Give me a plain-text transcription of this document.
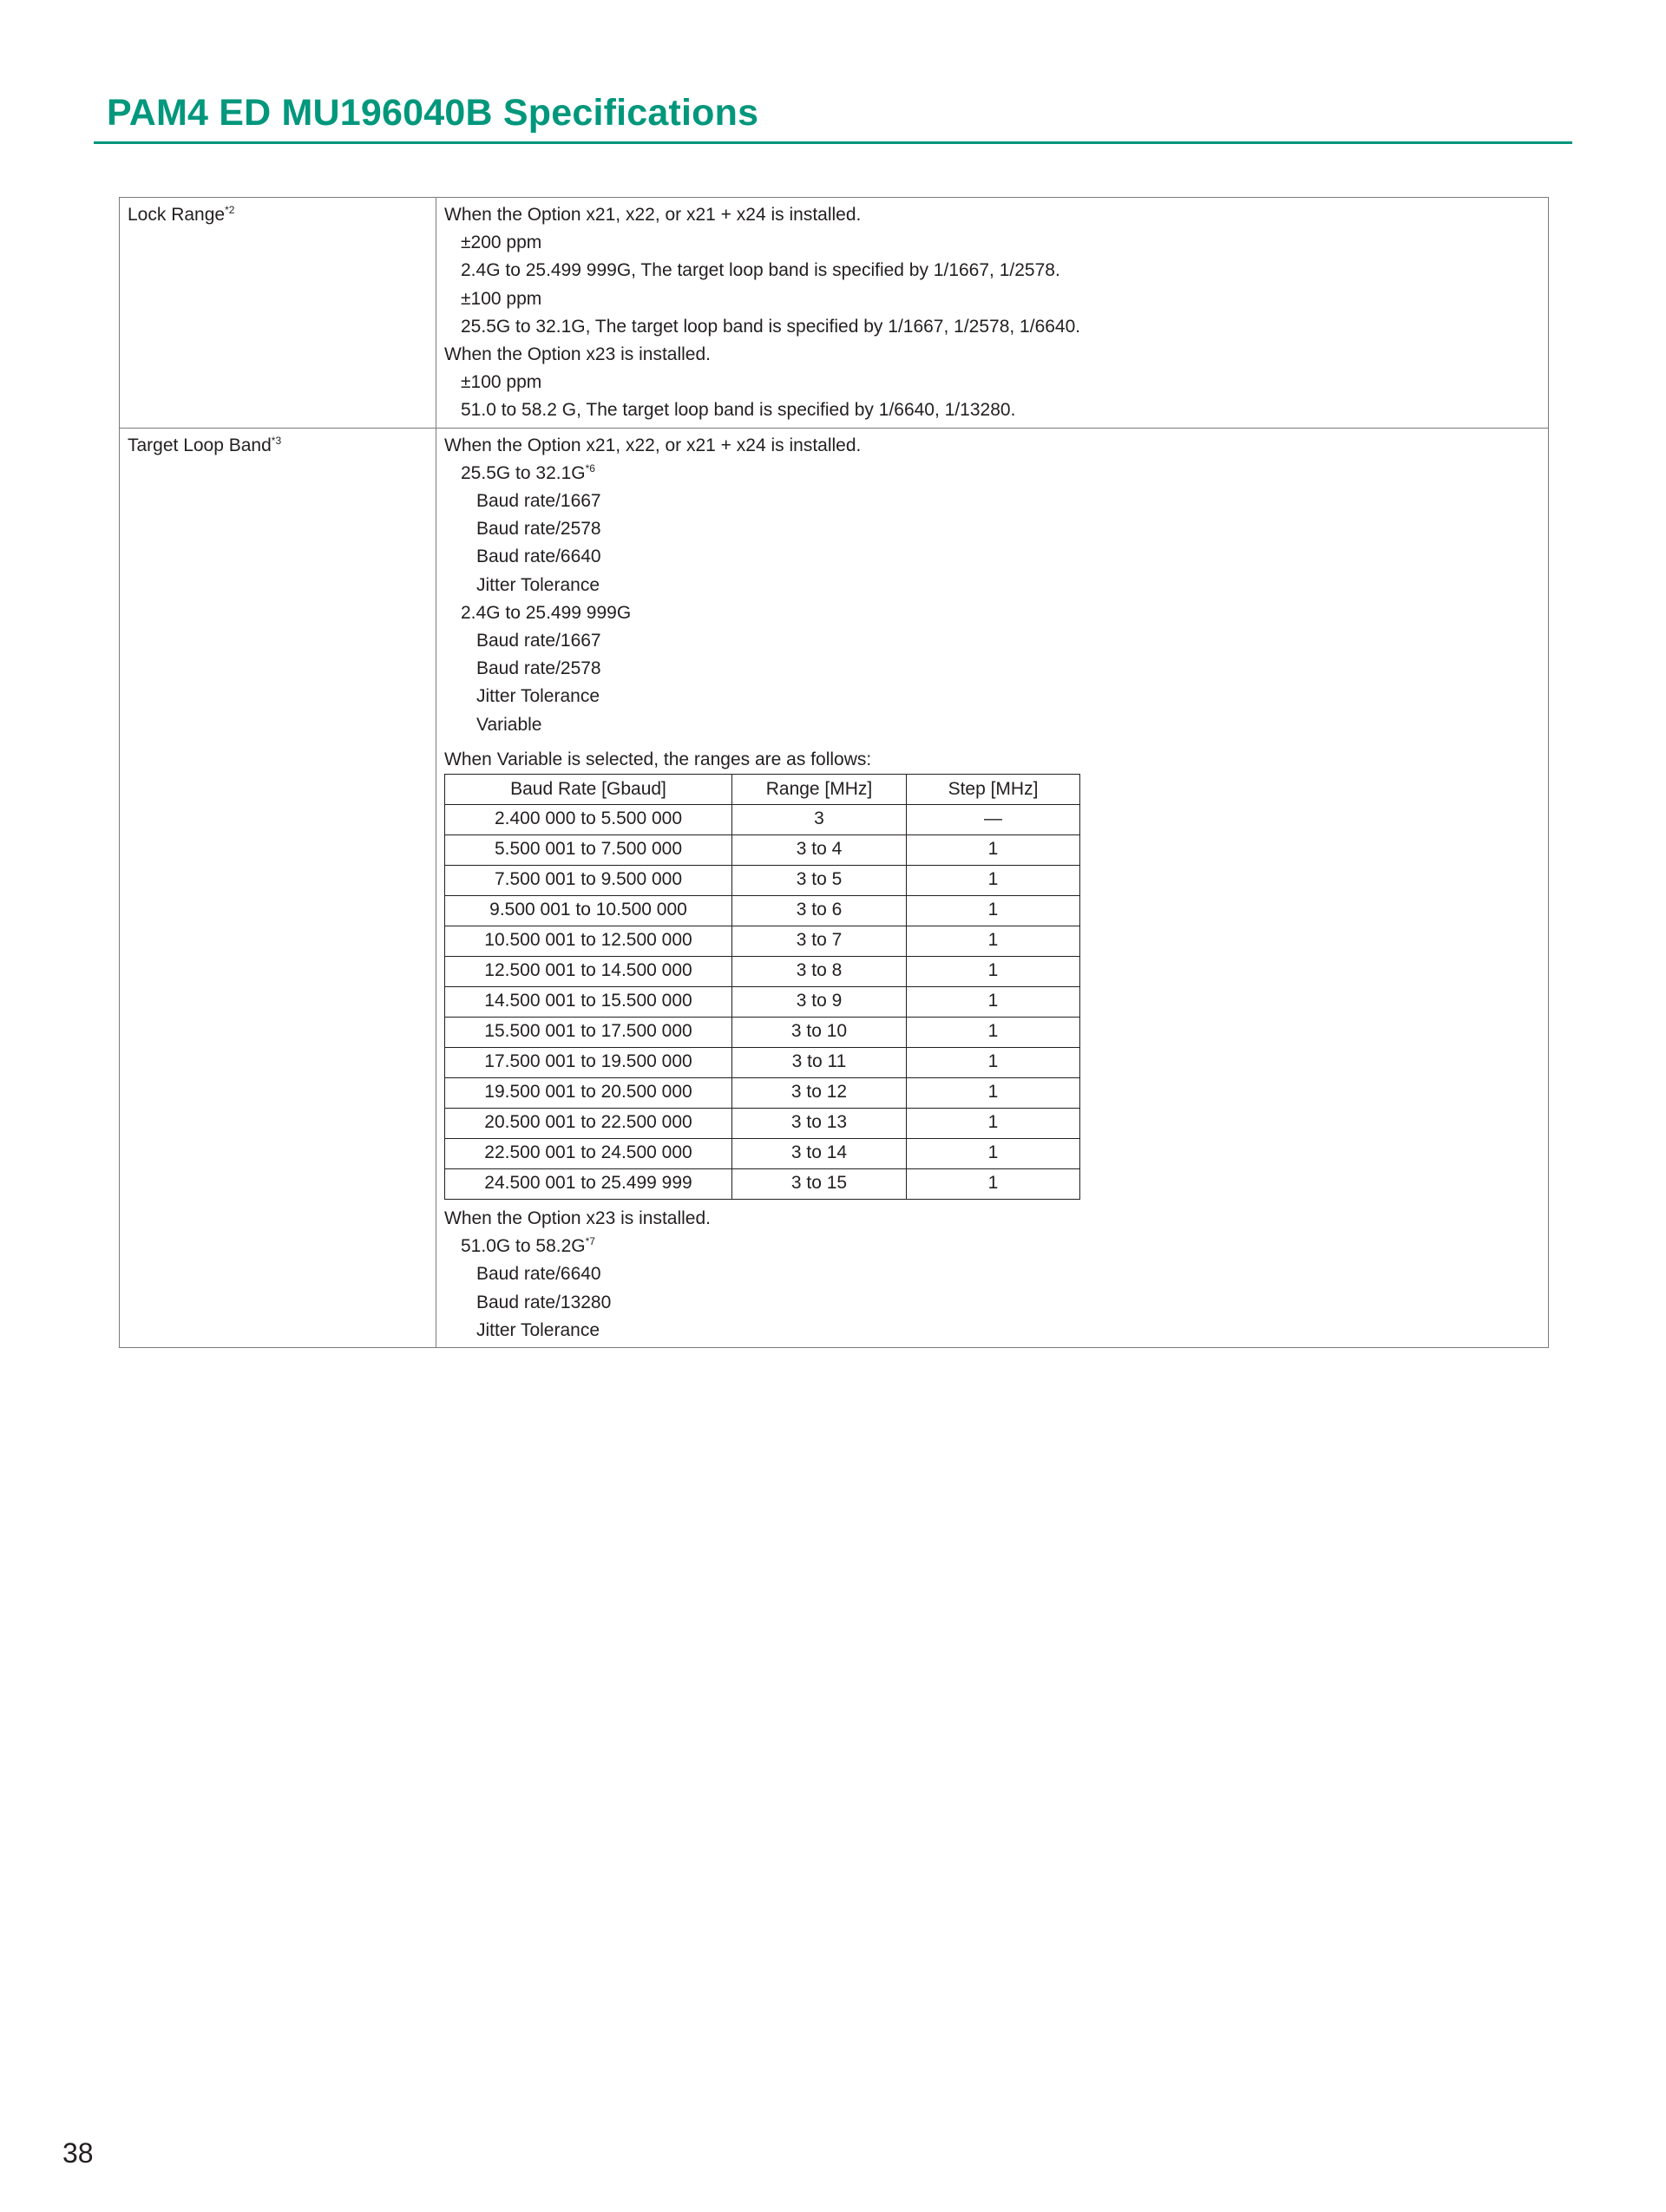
PAM4 ED MU196040B Specifications
Lock Range$^{*2}$	When the Option x21, x22, or x21 + x24 is installed.
±200 ppm
2.4G to 25.499 999G, The target loop band is specified by 1/1667, 1/2578.
±100 ppm
25.5G to 32.1G, The target loop band is specified by 1/1667, 1/2578, 1/6640.
When the Option x23 is installed.
±100 ppm
51.0 to 58.2 G, The target loop band is specified by 1/6640, 1/13280.

Target Loop Band$^{*3}$	When the Option x21, x22, or x21 + x24 is installed.
25.5G to $32.1G^{*6}$
Baud rate/1667
Baud rate/2578
Baud rate/6640
Jitter Tolerance
2.4G to 25.499 999G
Baud rate/1667
Baud rate/2578
Jitter Tolerance
Variable
When Variable is selected, the ranges are as follows:
Baud Rate [Gbaud]	Range [MHz]	Step [MHz]
2.400 000 to 5.500 000	3	—
5.500 001 to 7.500 000	3 to 4	1
7.500 001 to 9.500 000	3 to 5	1
9.500 001 to 10.500 000	3 to 6	1
10.500 001 to 12.500 000	3 to 7	1
12.500 001 to 14.500 000	3 to 8	1
14.500 001 to 15.500 000	3 to 9	1
15.500 001 to 17.500 000	3 to 10	1
17.500 001 to 19.500 000	3 to 11	1
19.500 001 to 20.500 000	3 to 12	1
20.500 001 to 22.500 000	3 to 13	1
22.500 001 to 24.500 000	3 to 14	1
24.500 001 to 25.499 999	3 to 15	1
When the Option x23 is installed.
51.0G to $58.2G^{*7}$
Baud rate/6640
Baud rate/13280
Jitter Tolerance
38
